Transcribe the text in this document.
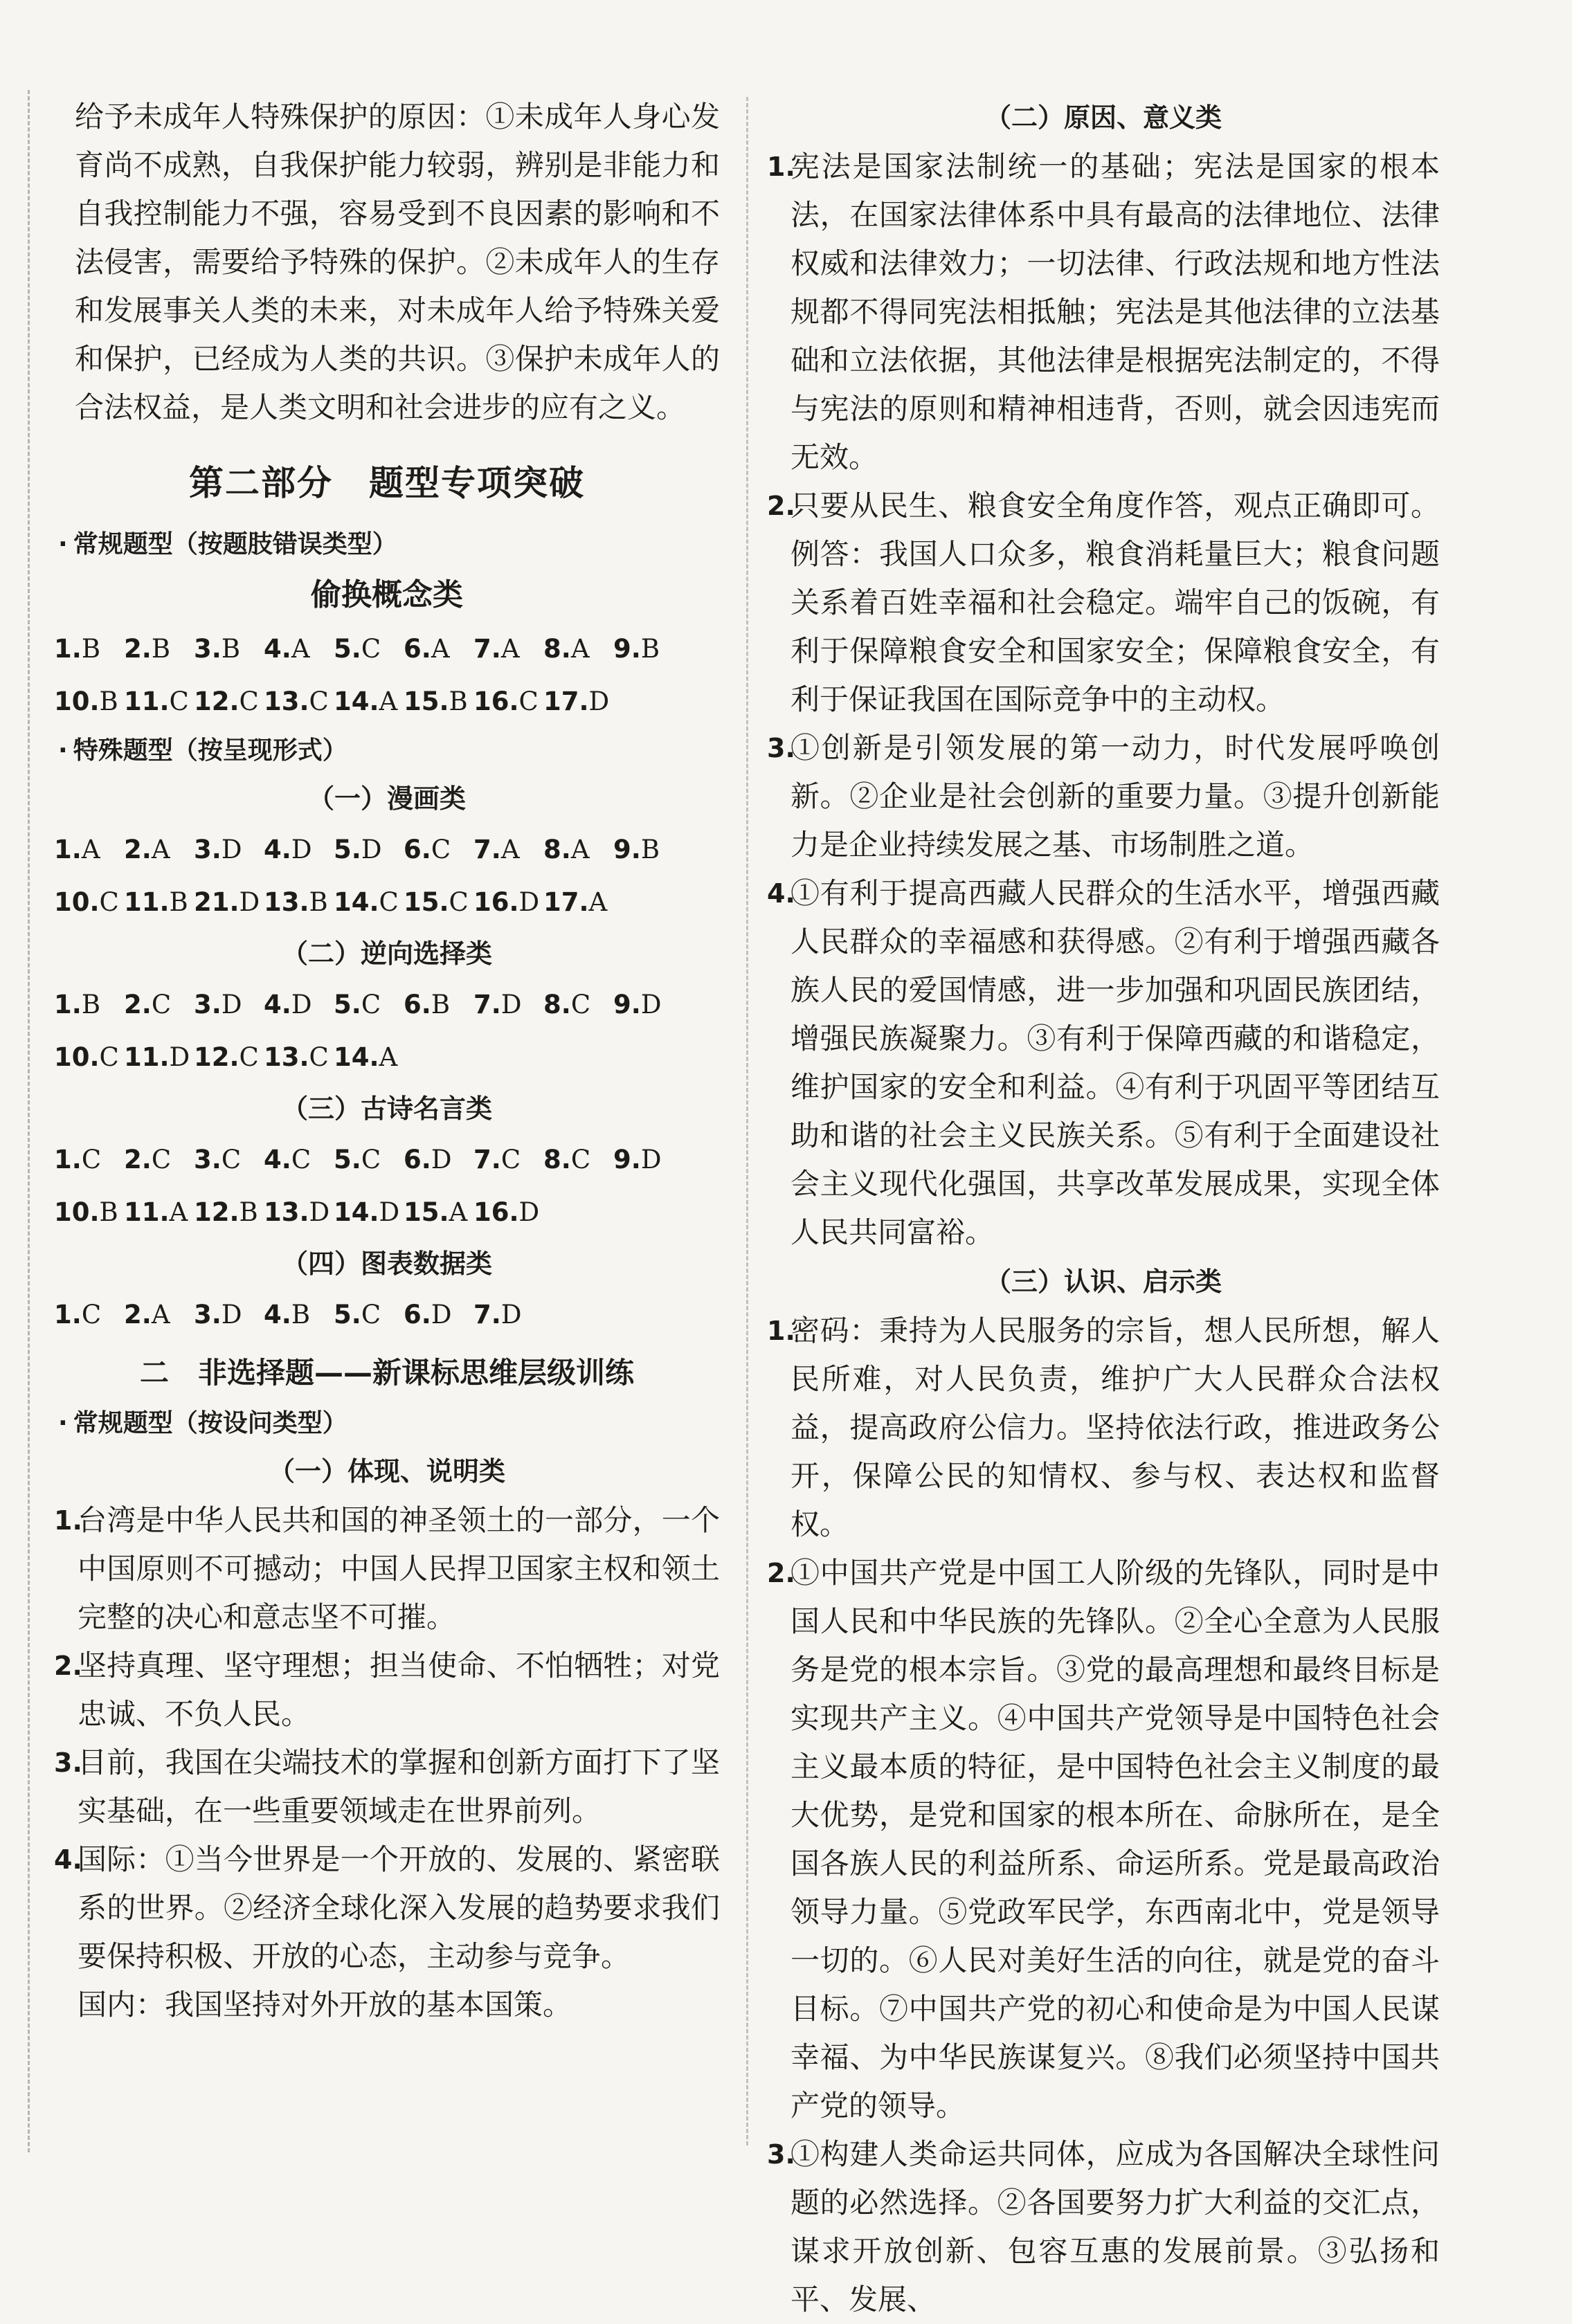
给予未成年人特殊保护的原因：①未成年人身心发育尚不成熟，自我保护能力较弱，辨别是非能力和自我控制能力不强，容易受到不良因素的影响和不法侵害，需要给予特殊的保护。②未成年人的生存和发展事关人类的未来，对未成年人给予特殊关爱和保护，已经成为人类的共识。③保护未成年人的合法权益，是人类文明和社会进步的应有之义。

第二部分　题型专项突破

· 常规题型（按题肢错误类型）

偷换概念类

1.B 2.B 3.B 4.A 5.C 6.A 7.A 8.A 9.B
10.B 11.C 12.C 13.C 14.A 15.B 16.C 17.D

· 特殊题型（按呈现形式）

（一）漫画类

1.A 2.A 3.D 4.D 5.D 6.C 7.A 8.A 9.B
10.C 11.B 21.D 13.B 14.C 15.C 16.D 17.A

（二）逆向选择类

1.B 2.C 3.D 4.D 5.C 6.B 7.D 8.C 9.D
10.C 11.D 12.C 13.C 14.A

（三）古诗名言类

1.C 2.C 3.C 4.C 5.C 6.D 7.C 8.C 9.D
10.B 11.A 12.B 13.D 14.D 15.A 16.D

（四）图表数据类

1.C 2.A 3.D 4.B 5.C 6.D 7.D

二　非选择题——新课标思维层级训练

· 常规题型（按设问类型）

（一）体现、说明类

1.
台湾是中华人民共和国的神圣领土的一部分，一个中国原则不可撼动；中国人民捍卫国家主权和领土完整的决心和意志坚不可摧。
2.
坚持真理、坚守理想；担当使命、不怕牺牲；对党忠诚、不负人民。
3.
目前，我国在尖端技术的掌握和创新方面打下了坚实基础，在一些重要领域走在世界前列。
4.
国际：①当今世界是一个开放的、发展的、紧密联系的世界。②经济全球化深入发展的趋势要求我们要保持积极、开放的心态，主动参与竞争。

国内：我国坚持对外开放的基本国策。

（二）原因、意义类

1.
宪法是国家法制统一的基础；宪法是国家的根本法，在国家法律体系中具有最高的法律地位、法律权威和法律效力；一切法律、行政法规和地方性法规都不得同宪法相抵触；宪法是其他法律的立法基础和立法依据，其他法律是根据宪法制定的，不得与宪法的原则和精神相违背，否则，就会因违宪而无效。
2.
只要从民生、粮食安全角度作答，观点正确即可。例答：我国人口众多，粮食消耗量巨大；粮食问题关系着百姓幸福和社会稳定。端牢自己的饭碗，有利于保障粮食安全和国家安全；保障粮食安全，有利于保证我国在国际竞争中的主动权。
3.
①创新是引领发展的第一动力，时代发展呼唤创新。②企业是社会创新的重要力量。③提升创新能力是企业持续发展之基、市场制胜之道。
4.
①有利于提高西藏人民群众的生活水平，增强西藏人民群众的幸福感和获得感。②有利于增强西藏各族人民的爱国情感，进一步加强和巩固民族团结，增强民族凝聚力。③有利于保障西藏的和谐稳定，维护国家的安全和利益。④有利于巩固平等团结互助和谐的社会主义民族关系。⑤有利于全面建设社会主义现代化强国，共享改革发展成果，实现全体人民共同富裕。

（三）认识、启示类

1.
密码：秉持为人民服务的宗旨，想人民所想，解人民所难，对人民负责，维护广大人民群众合法权益，提高政府公信力。坚持依法行政，推进政务公开，保障公民的知情权、参与权、表达权和监督权。
2.
①中国共产党是中国工人阶级的先锋队，同时是中国人民和中华民族的先锋队。②全心全意为人民服务是党的根本宗旨。③党的最高理想和最终目标是实现共产主义。④中国共产党领导是中国特色社会主义最本质的特征，是中国特色社会主义制度的最大优势，是党和国家的根本所在、命脉所在，是全国各族人民的利益所系、命运所系。党是最高政治领导力量。⑤党政军民学，东西南北中，党是领导一切的。⑥人民对美好生活的向往，就是党的奋斗目标。⑦中国共产党的初心和使命是为中国人民谋幸福、为中华民族谋复兴。⑧我们必须坚持中国共产党的领导。
3.
①构建人类命运共同体，应成为各国解决全球性问题的必然选择。②各国要努力扩大利益的交汇点，谋求开放创新、包容互惠的发展前景。③弘扬和平、发展、
